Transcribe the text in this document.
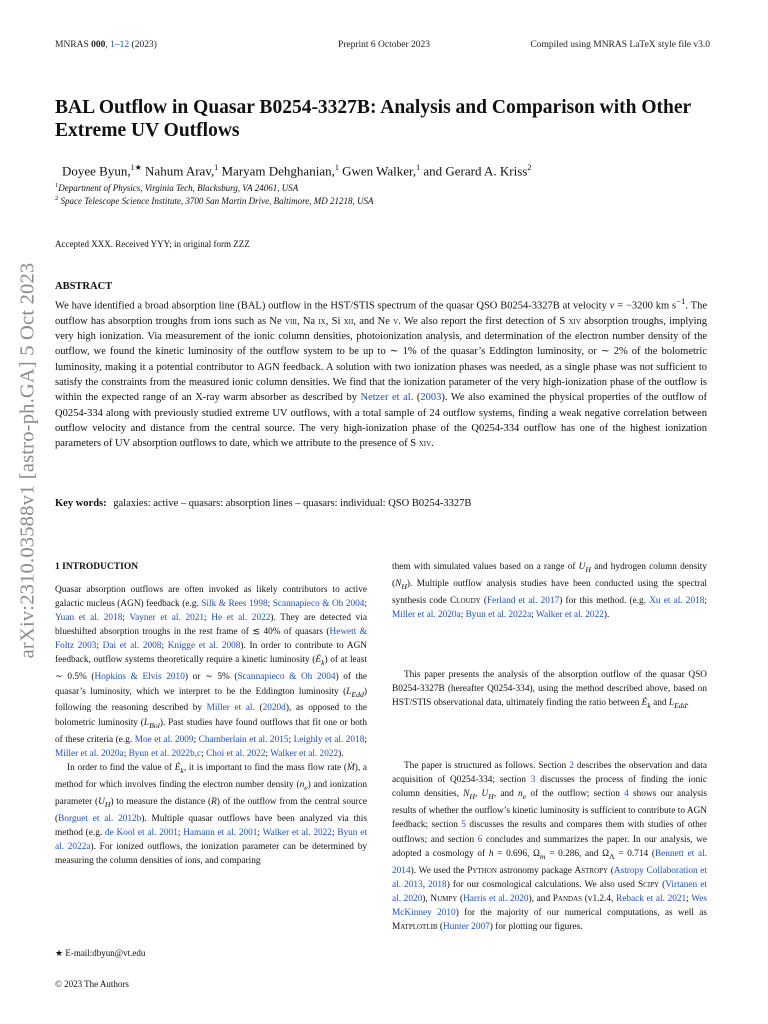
MNRAS 000, 1–12 (2023)	Preprint 6 October 2023	Compiled using MNRAS LaTeX style file v3.0
arXiv:2310.03588v1 [astro-ph.GA] 5 Oct 2023
BAL Outflow in Quasar B0254-3327B: Analysis and Comparison with Other Extreme UV Outflows
Doyee Byun,$^{1★}$ Nahum Arav,$^1$ Maryam Dehghanian,$^1$ Gwen Walker,$^1$ and Gerard A. Kriss$^2$
$^1$Department of Physics, Virginia Tech, Blacksburg, VA 24061, USA
$^2$ Space Telescope Science Institute, 3700 San Martin Drive, Baltimore, MD 21218, USA
Accepted XXX. Received YYY; in original form ZZZ
ABSTRACT
We have identified a broad absorption line (BAL) outflow in the HST/STIS spectrum of the quasar QSO B0254-3327B at velocity v = −3200 km $s^{-1}$. The outflow has absorption troughs from ions such as Ne viii, Na ix, Si xii, and Ne v. We also report the first detection of S xiv absorption troughs, implying very high ionization. Via measurement of the ionic column densities, photoionization analysis, and determination of the electron number density of the outflow, we found the kinetic luminosity of the outflow system to be up to ∼ 1% of the quasar’s Eddington luminosity, or ∼ 2% of the bolometric luminosity, making it a potential contributor to AGN feedback. A solution with two ionization phases was needed, as a single phase was not sufficient to satisfy the constraints from the measured ionic column densities. We find that the ionization parameter of the very high-ionization phase of the outflow is within the expected range of an X-ray warm absorber as described by Netzer et al. (2003). We also examined the physical properties of the outflow of Q0254-334 along with previously studied extreme UV outflows, with a total sample of 24 outflow systems, finding a weak negative correlation between outflow velocity and distance from the central source. The very high-ionization phase of the Q0254-334 outflow has one of the highest ionization parameters of UV absorption outflows to date, which we attribute to the presence of S xiv.
Key words: galaxies: active – quasars: absorption lines – quasars: individual: QSO B0254-3327B
1 INTRODUCTION

Quasar absorption outflows are often invoked as likely contributors to active galactic nucleus (AGN) feedback (e.g. Silk & Rees 1998; Scannapieco & Oh 2004; Yuan et al. 2018; Vayner et al. 2021; He et al. 2022). They are detected via blueshifted absorption troughs in the rest frame of ≲ 40% of quasars (Hewett & Foltz 2003; Dai et al. 2008; Knigge et al. 2008). In order to contribute to AGN feedback, outflow systems theoretically require a kinetic luminosity $(Ė_k)$ of at least ∼ 0.5% (Hopkins & Elvis 2010) or ∼ 5% (Scannapieco & Oh 2004) of the quasar’s luminosity, which we interpret to be the Eddington luminosity $(L_{Edd})$ following the reasoning described by Miller et al. (2020d), as opposed to the bolometric luminosity $(L_{Bol})$. Past studies have found outflows that fit one or both of these criteria (e.g. Moe et al. 2009; Chamberlain et al. 2015; Leighly et al. 2018; Miller et al. 2020a; Byun et al. 2022b,c; Choi et al. 2022; Walker et al. 2022).

In order to find the value of $Ė_k$, it is important to find the mass flow rate (Ṁ), a method for which involves finding the electron number density $(n_e)$ and ionization parameter $(U_H)$ to measure the distance (R) of the outflow from the central source (Borguet et al. 2012b). Multiple quasar outflows have been analyzed via this method (e.g. de Kool et al. 2001; Hamann et al. 2001; Walker et al. 2022; Byun et al. 2022a). For ionized outflows, the ionization parameter can be determined by measuring the column densities of ions, and comparing

them with simulated values based on a range of $U_H$ and hydrogen column density $(N_H)$. Multiple outflow analysis studies have been conducted using the spectral synthesis code Cloudy (Ferland et al. 2017) for this method. (e.g. Xu et al. 2018; Miller et al. 2020a; Byun et al. 2022a; Walker et al. 2022).

This paper presents the analysis of the absorption outflow of the quasar QSO B0254-3327B (hereafter Q0254-334), using the method described above, based on HST/STIS observational data, ultimately finding the ratio between $Ė_k$ and $L_{Edd}$.

The paper is structured as follows. Section 2 describes the observation and data acquisition of Q0254-334; section 3 discusses the process of finding the ionic column densities, $N_H$, $U_H$, and $n_e$ of the outflow; section 4 shows our analysis results of whether the outflow’s kinetic luminosity is sufficient to contribute to AGN feedback; section 5 discusses the results and compares them with studies of other outflows; and section 6 concludes and summarizes the paper. In our analysis, we adopted a cosmology of h = 0.696, $\Omega_m = 0.286$, and $\Omega_\Lambda = 0.714$ (Bennett et al. 2014). We used the Python astronomy package Astropy (Astropy Collaboration et al. 2013, 2018) for our cosmological calculations. We also used Scipy (Virtanen et al. 2020), Numpy (Harris et al. 2020), and Pandas (v1.2.4, Reback et al. 2021; Wes McKinney 2010) for the majority of our numerical computations, as well as Matplotlib (Hunter 2007) for plotting our figures.

★ E-mail:dbyun@vt.edu
© 2023 The Authors
